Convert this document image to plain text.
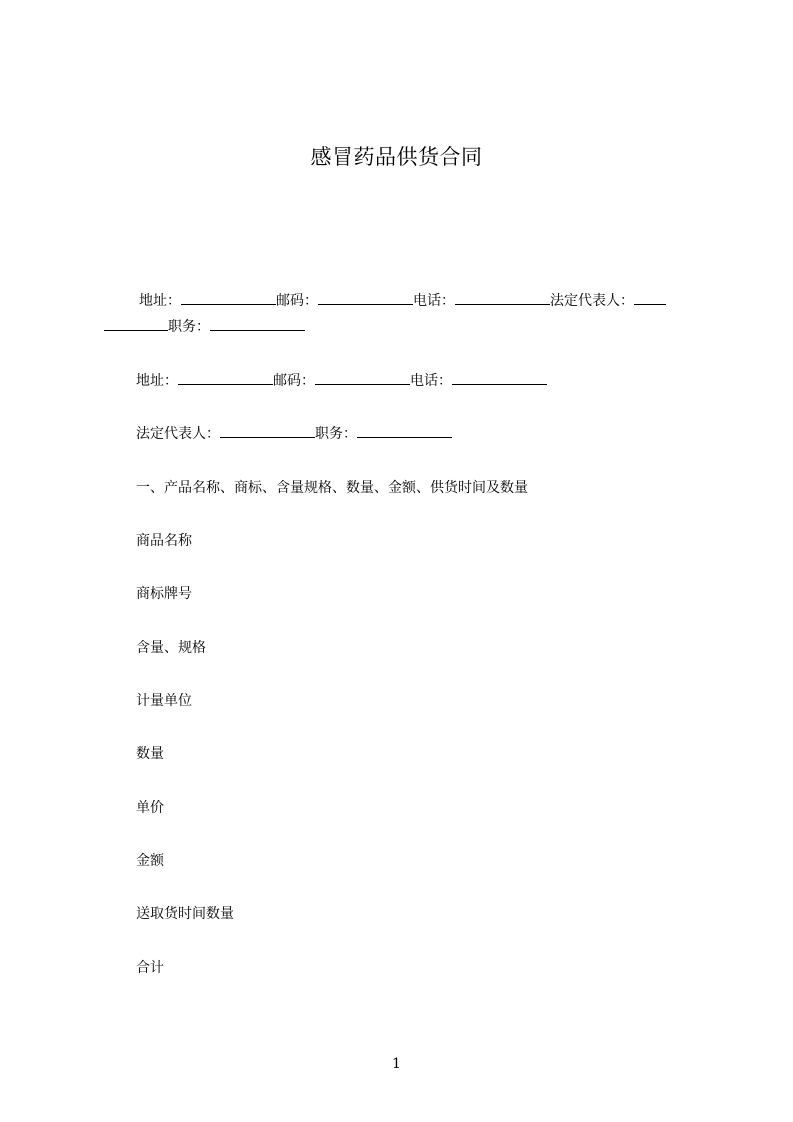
感冒药品供货合同
地址：	邮码：	电话：	法定代表人：职务：
地址：	邮码：	电话：
法定代表人：	职务：
一、产品名称、商标、含量规格、数量、金额、供货时间及数量
商品名称
商标牌号
含量、规格
计量单位
数量
单价
金额
送取货时间数量
合计
1
